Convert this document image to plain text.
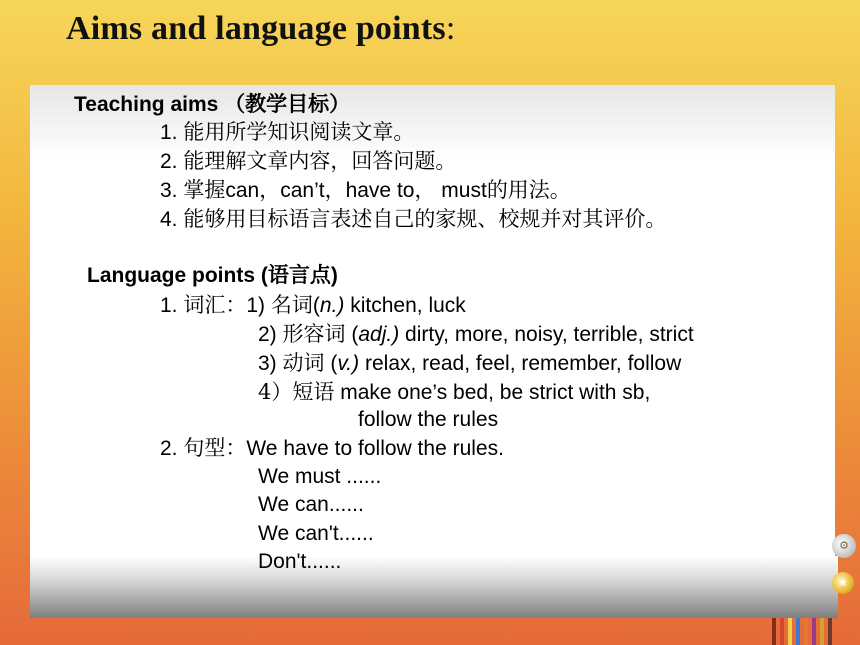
Aims and language points:
Teaching aims （教学目标）
1. 能用所学知识阅读文章。
2. 能理解文章内容，回答问题。
3. 掌握can，can’t，have to， must的用法。
4. 能够用目标语言表述自己的家规、校规并对其评价。
Language points (语言点)
1. 词汇：1) 名词(n.) kitchen, luck
2) 形容词 (adj.) dirty, more, noisy, terrible, strict
3) 动词 (v.) relax, read, feel, remember, follow
4）短语 make one’s bed, be strict with sb,
follow the rules
2. 句型：We have to follow the rules.
We must ......
We can......
We can't......
Don't......
⚙
★
